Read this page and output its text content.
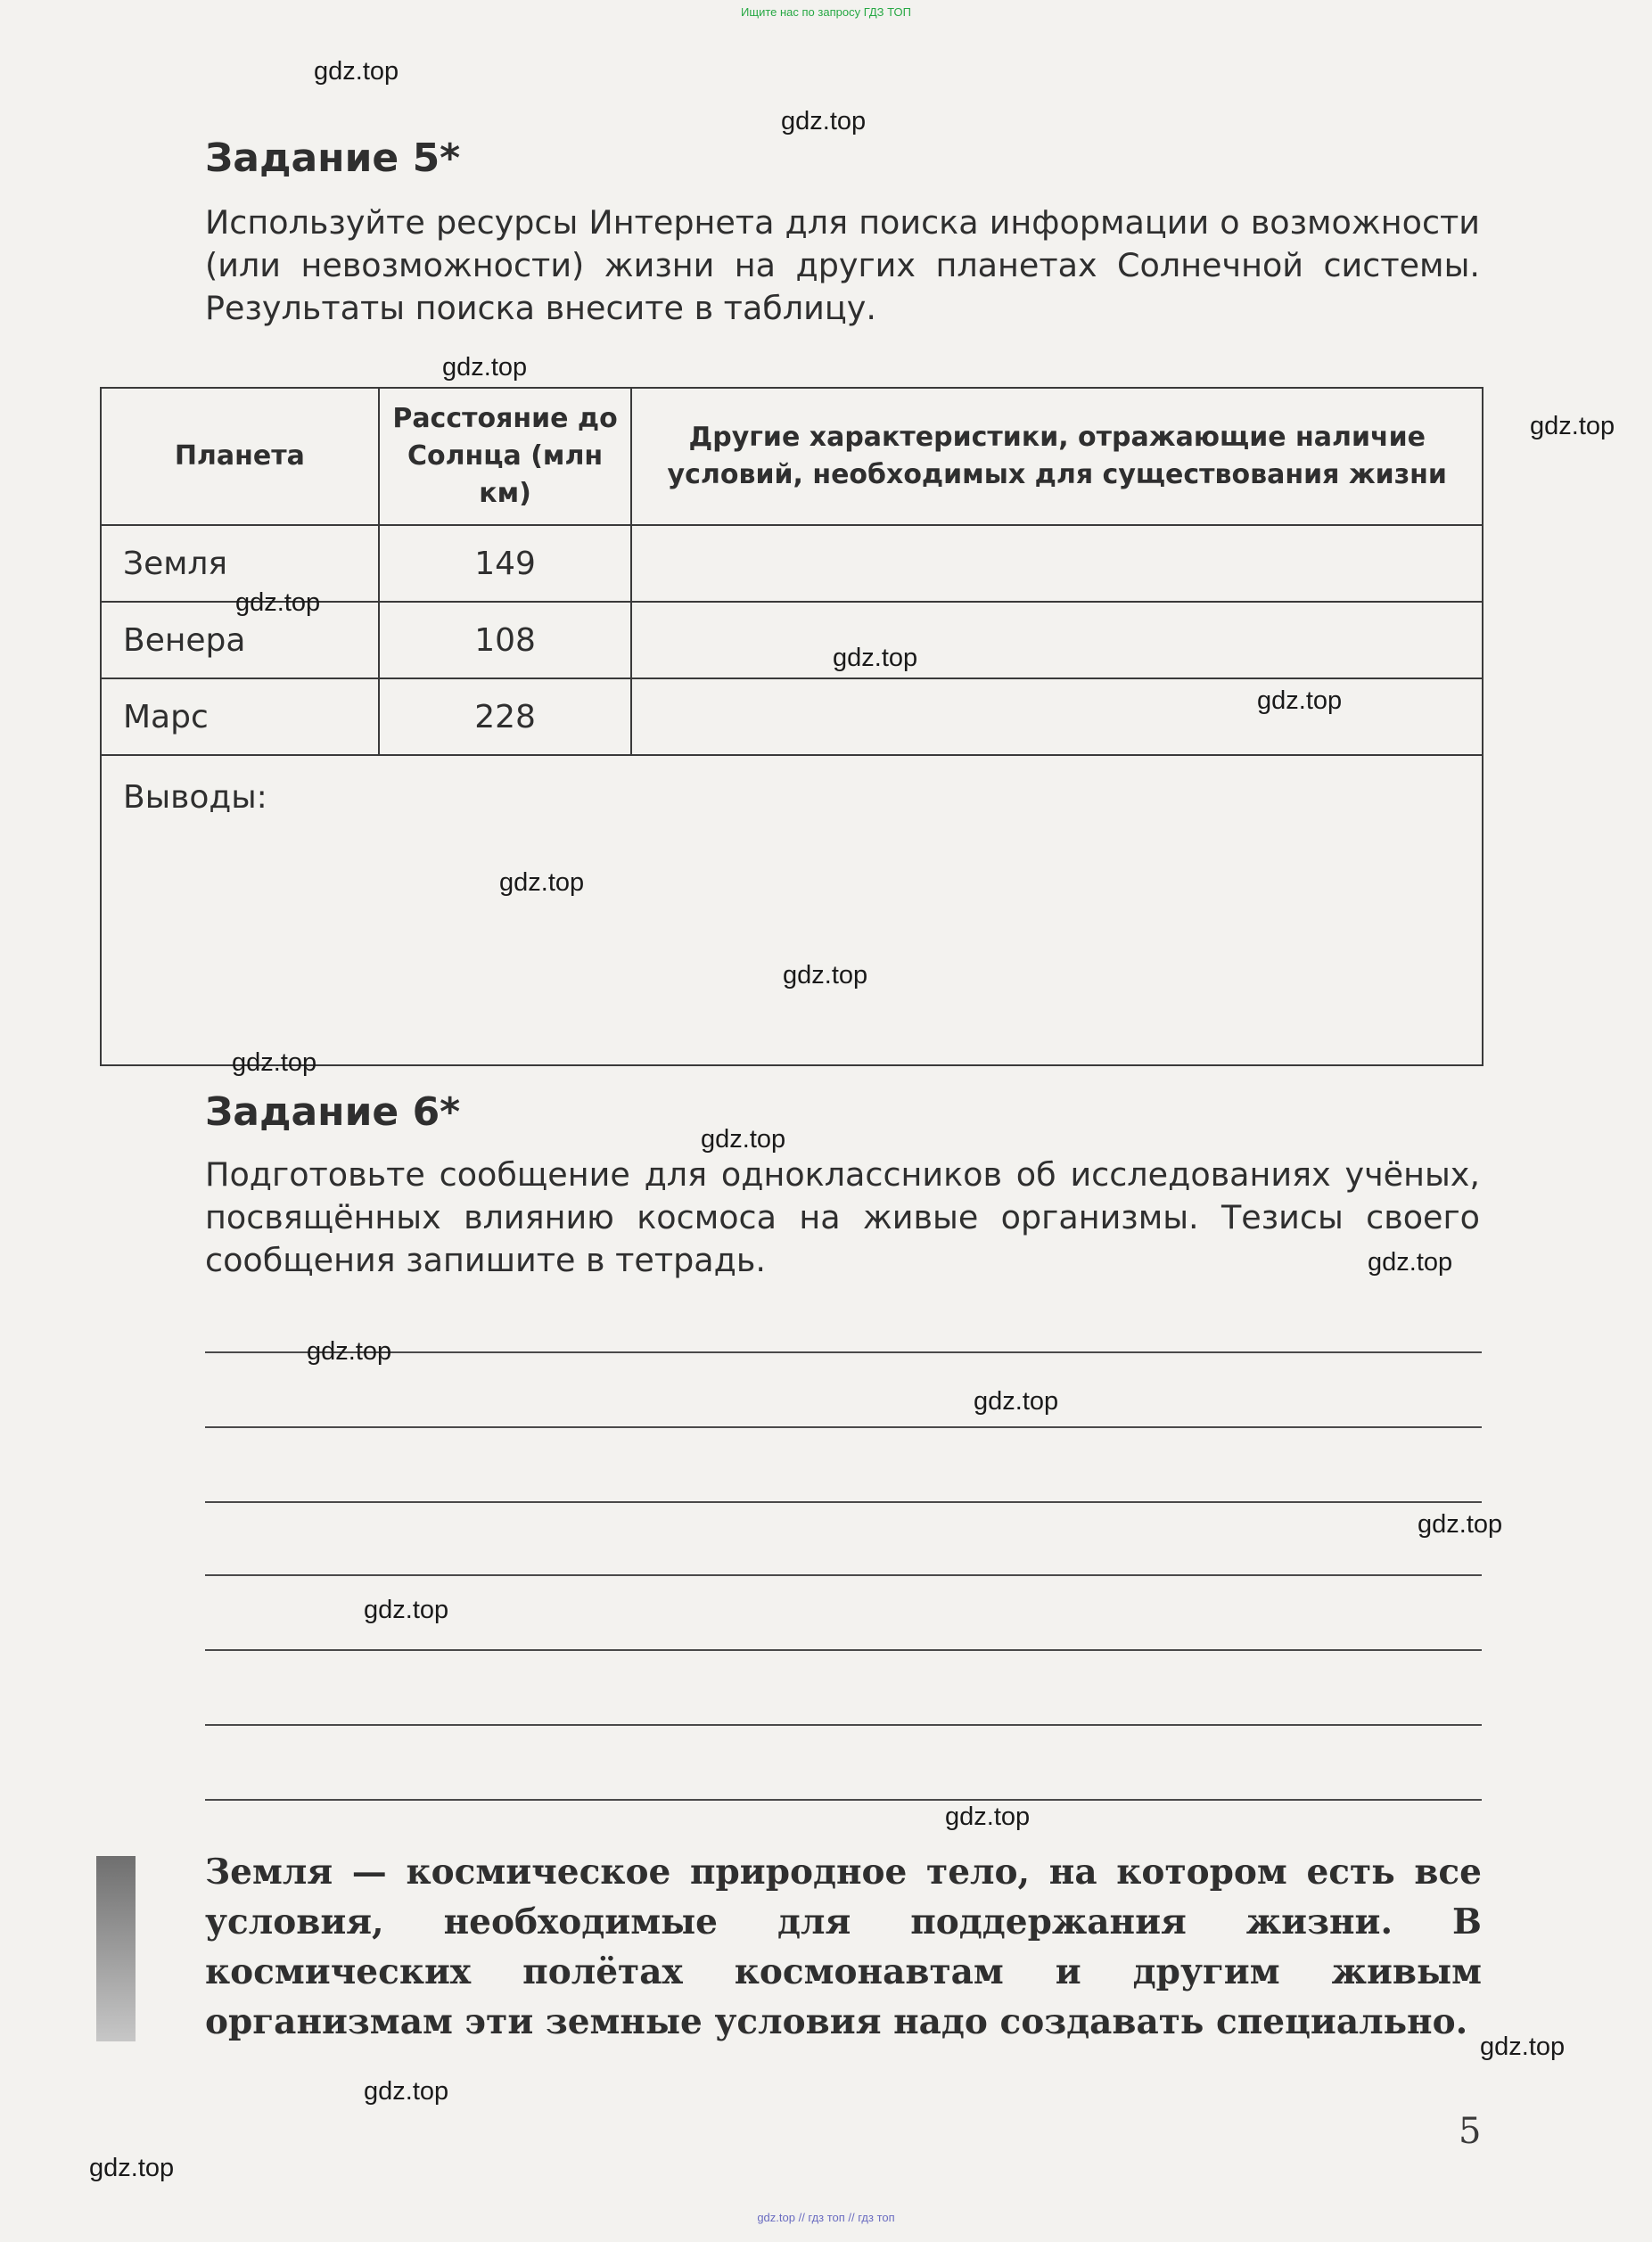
Ищите нас по запросу ГДЗ ТОП
Задание 5*

Используйте ресурсы Интернета для поиска информации о возможности (или невозможности) жизни на других планетах Солнечной системы. Результаты поиска внесите в таблицу.

Планета	Расстояние до Солнца (млн км)	Другие характеристики, отражающие наличие условий, необходимых для существования жизни
Земля	149	
Венера	108	
Марс	228	
Выводы:		
Задание 6*

Подготовьте сообщение для одноклассников об исследованиях учёных, посвящённых влиянию космоса на живые организмы. Тезисы своего сообщения запишите в тетрадь.

Земля — космическое природное тело, на котором есть все условия, необходимые для поддержания жизни. В космических полётах космонавтам и другим живым организмам эти земные условия надо создавать специально.

5
gdz.top
gdz.top
gdz.top
gdz.top
gdz.top
gdz.top
gdz.top
gdz.top
gdz.top
gdz.top
gdz.top
gdz.top
gdz.top
gdz.top
gdz.top
gdz.top
gdz.top
gdz.top
gdz.top
gdz.top
gdz.top // гдз топ // гдз топ
